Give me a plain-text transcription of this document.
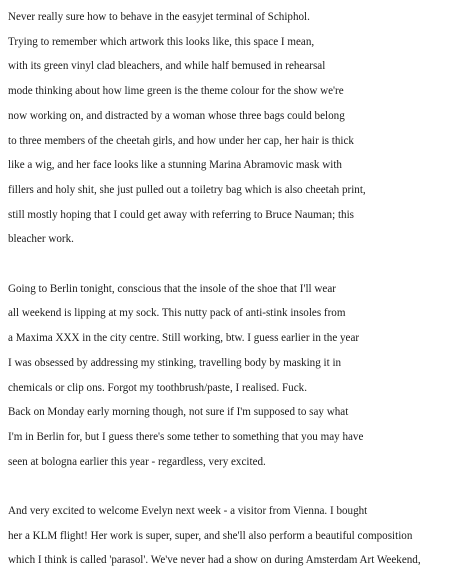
Never really sure how to behave in the easyjet terminal of Schiphol.
Trying to remember which artwork this looks like, this space I mean,
with its green vinyl clad bleachers, and while half bemused in rehearsal
mode thinking about how lime green is the theme colour for the show we're
now working on, and distracted by a woman whose three bags could belong
to three members of the cheetah girls, and how under her cap, her hair is thick
like a wig, and her face looks like a stunning Marina Abramovic mask with
fillers and holy shit, she just pulled out a toiletry bag which is also cheetah print,
still mostly hoping that I could get away with referring to Bruce Nauman; this
bleacher work.

Going to Berlin tonight, conscious that the insole of the shoe that I'll wear
all weekend is lipping at my sock. This nutty pack of anti-stink insoles from
a Maxima XXX in the city centre. Still working, btw. I guess earlier in the year
I was obsessed by addressing my stinking, travelling body by masking it in
chemicals or clip ons. Forgot my toothbrush/paste, I realised. Fuck.
Back on Monday early morning though, not sure if I'm supposed to say what
I'm in Berlin for, but I guess there's some tether to something that you may have
seen at bologna earlier this year - regardless, very excited.

And very excited to welcome Evelyn next week - a visitor from Vienna. I bought
her a KLM flight! Her work is super, super, and she'll also perform a beautiful composition
which I think is called 'parasol'. We've never had a show on during Amsterdam Art Weekend,
